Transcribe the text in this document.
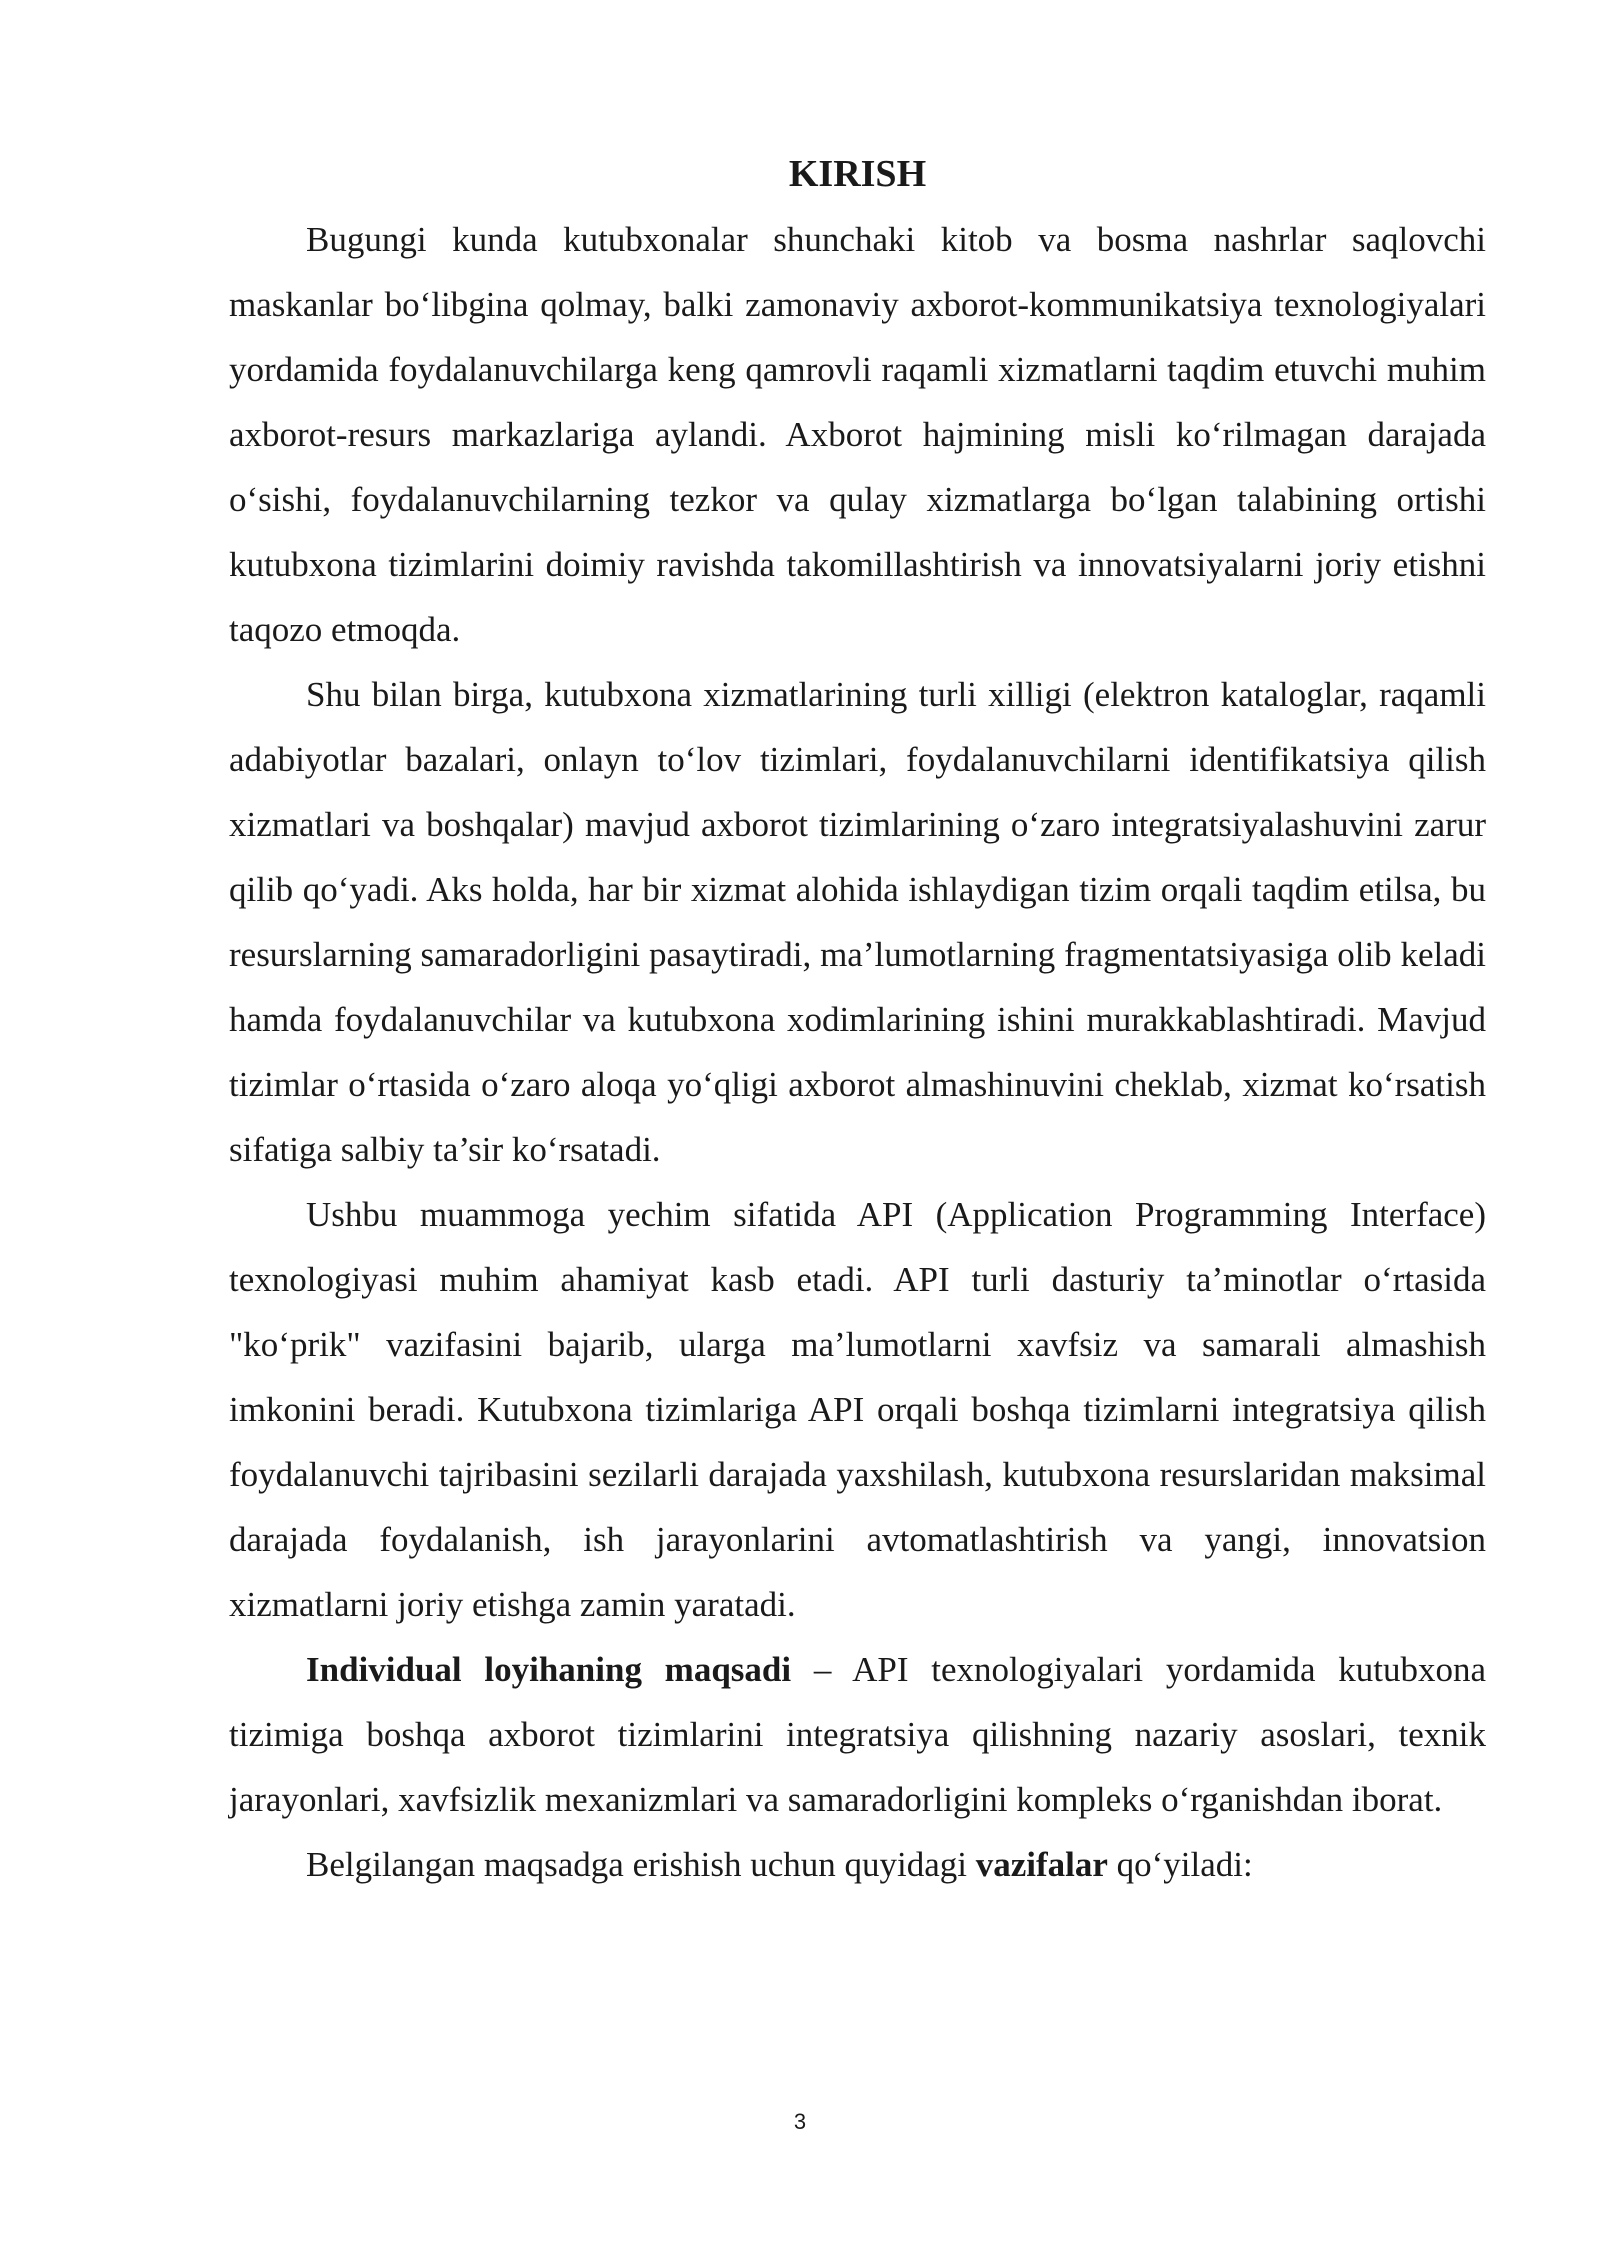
KIRISH

Bugungi kunda kutubxonalar shunchaki kitob va bosma nashrlar saqlovchi maskanlar bo‘libgina qolmay, balki zamonaviy axborot-kommunikatsiya texnologiyalari yordamida foydalanuvchilarga keng qamrovli raqamli xizmatlarni taqdim etuvchi muhim axborot-resurs markazlariga aylandi. Axborot hajmining misli ko‘rilmagan darajada o‘sishi, foydalanuvchilarning tezkor va qulay xizmatlarga bo‘lgan talabining ortishi kutubxona tizimlarini doimiy ravishda takomillashtirish va innovatsiyalarni joriy etishni taqozo etmoqda.

Shu bilan birga, kutubxona xizmatlarining turli xilligi (elektron kataloglar, raqamli adabiyotlar bazalari, onlayn to‘lov tizimlari, foydalanuvchilarni identifikatsiya qilish xizmatlari va boshqalar) mavjud axborot tizimlarining o‘zaro integratsiyalashuvini zarur qilib qo‘yadi. Aks holda, har bir xizmat alohida ishlaydigan tizim orqali taqdim etilsa, bu resurslarning samaradorligini pasaytiradi, ma’lumotlarning fragmentatsiyasiga olib keladi hamda foydalanuvchilar va kutubxona xodimlarining ishini murakkablashtiradi. Mavjud tizimlar o‘rtasida o‘zaro aloqa yo‘qligi axborot almashinuvini cheklab, xizmat ko‘rsatish sifatiga salbiy ta’sir ko‘rsatadi.

Ushbu muammoga yechim sifatida API (Application Programming Interface) texnologiyasi muhim ahamiyat kasb etadi. API turli dasturiy ta’minotlar o‘rtasida "ko‘prik" vazifasini bajarib, ularga ma’lumotlarni xavfsiz va samarali almashish imkonini beradi. Kutubxona tizimlariga API orqali boshqa tizimlarni integratsiya qilish foydalanuvchi tajribasini sezilarli darajada yaxshilash, kutubxona resurslaridan maksimal darajada foydalanish, ish jarayonlarini avtomatlashtirish va yangi, innovatsion xizmatlarni joriy etishga zamin yaratadi.

Individual loyihaning maqsadi – API texnologiyalari yordamida kutubxona tizimiga boshqa axborot tizimlarini integratsiya qilishning nazariy asoslari, texnik jarayonlari, xavfsizlik mexanizmlari va samaradorligini kompleks o‘rganishdan iborat.

Belgilangan maqsadga erishish uchun quyidagi vazifalar qo‘yiladi:

3
